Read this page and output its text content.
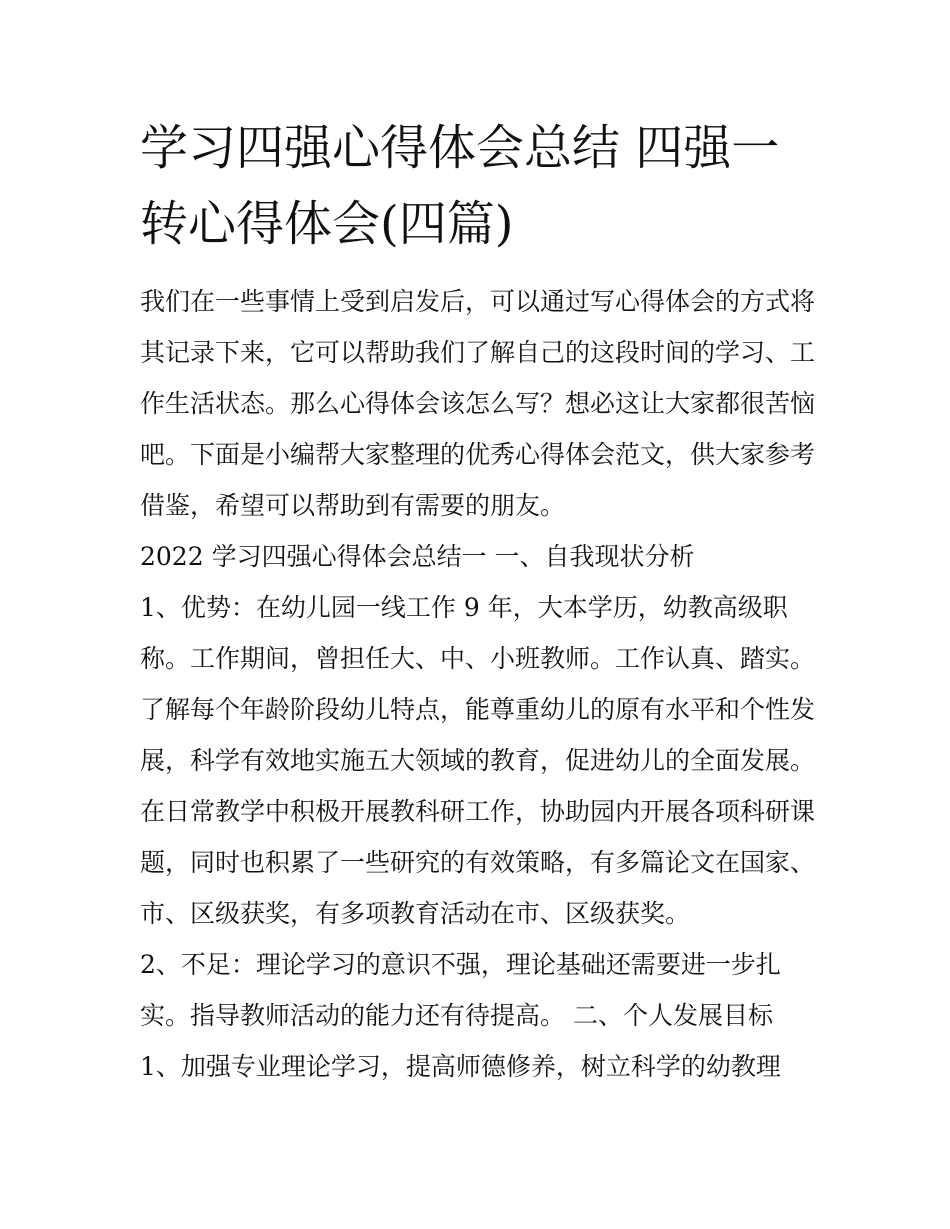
学习四强心得体会总结 四强一
转心得体会(四篇)
我们在一些事情上受到启发后，可以通过写心得体会的方式将
其记录下来，它可以帮助我们了解自己的这段时间的学习、工
作生活状态。那么心得体会该怎么写？想必这让大家都很苦恼
吧。下面是小编帮大家整理的优秀心得体会范文，供大家参考
借鉴，希望可以帮助到有需要的朋友。
2022 学习四强心得体会总结一 一、自我现状分析
1、优势：在幼儿园一线工作 9 年，大本学历，幼教高级职
称。工作期间，曾担任大、中、小班教师。工作认真、踏实。
了解每个年龄阶段幼儿特点，能尊重幼儿的原有水平和个性发
展，科学有效地实施五大领域的教育，促进幼儿的全面发展。
在日常教学中积极开展教科研工作，协助园内开展各项科研课
题，同时也积累了一些研究的有效策略，有多篇论文在国家、
市、区级获奖，有多项教育活动在市、区级获奖。
2、不足：理论学习的意识不强，理论基础还需要进一步扎
实。指导教师活动的能力还有待提高。 二、个人发展目标
1、加强专业理论学习，提高师德修养，树立科学的幼教理
